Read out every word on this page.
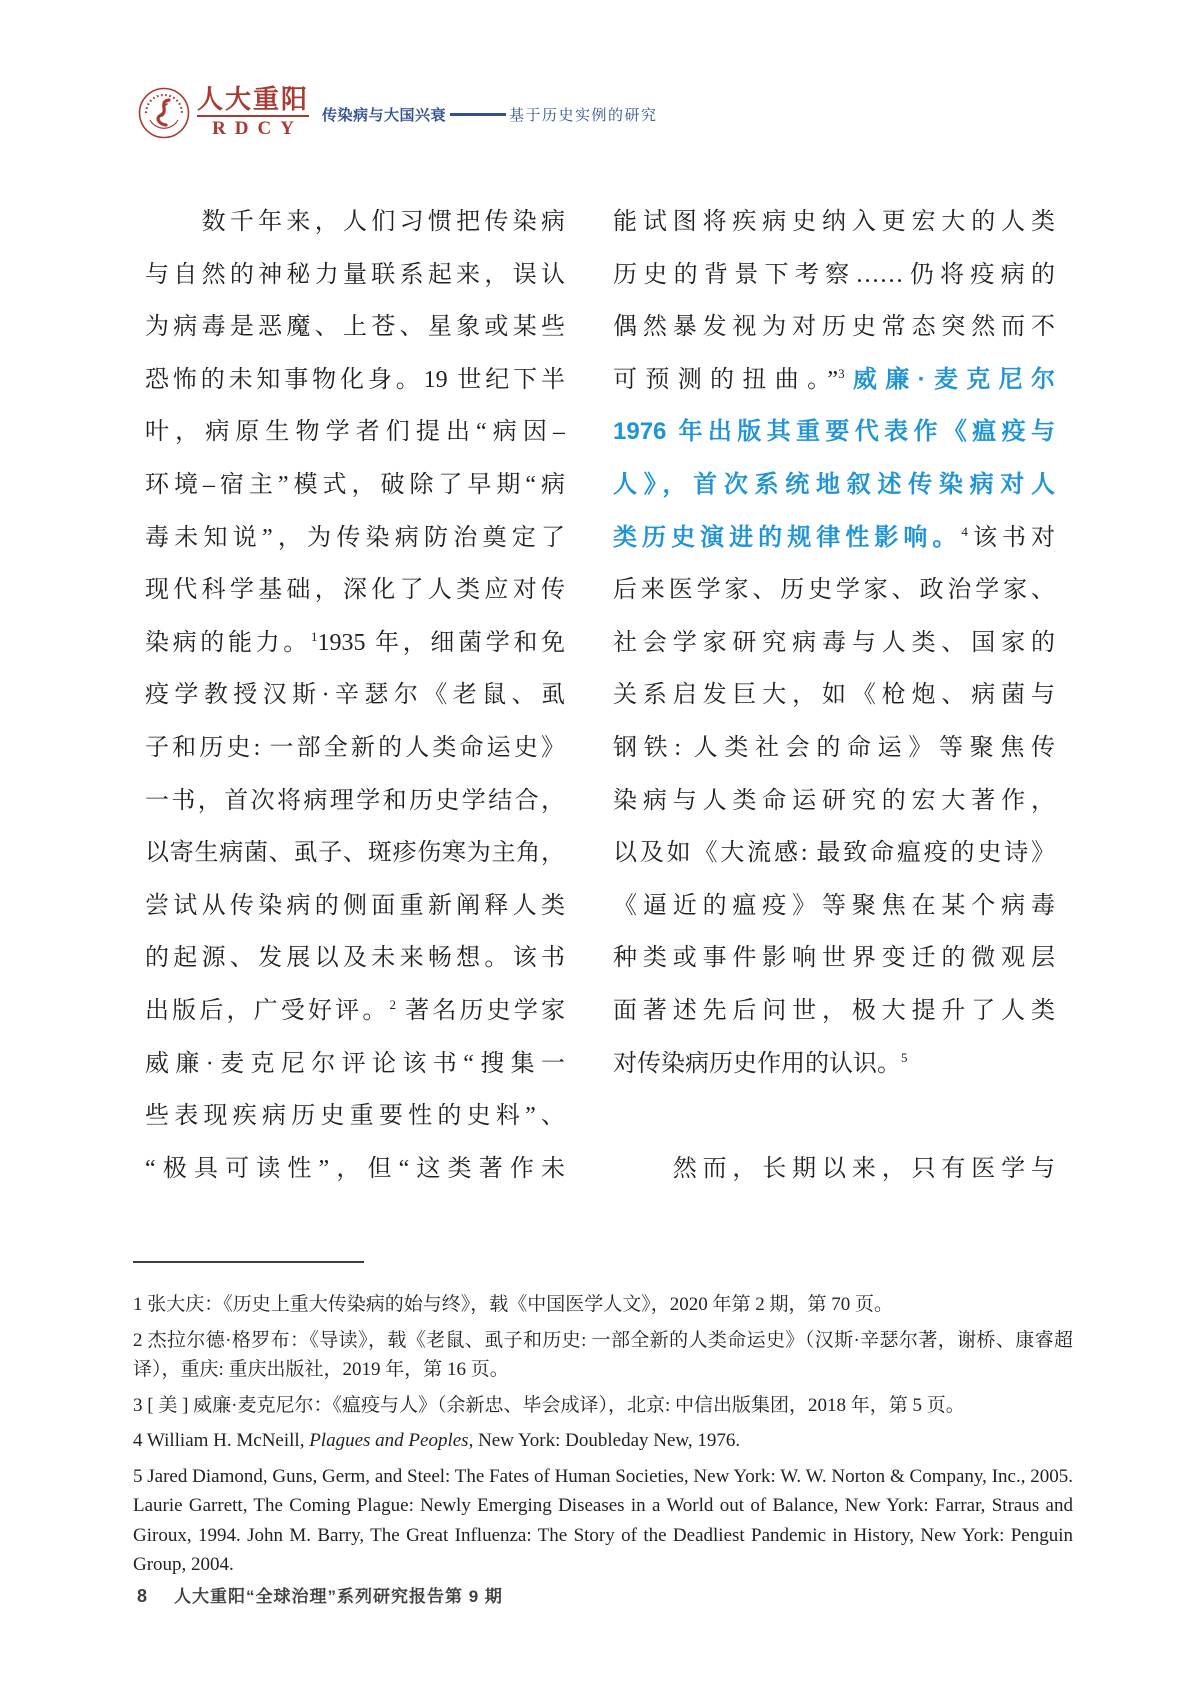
人大重阳
RDCY
传染病与大国兴衰	基于历史实例的研究
　　数千年来，人们习惯把传染病
与自然的神秘力量联系起来，误认
为病毒是恶魔、上苍、星象或某些
恐怖的未知事物化身。19 世纪下半
叶，病原生物学者们提出“病因–
环境–宿主”模式，破除了早期“病
毒未知说”，为传染病防治奠定了
现代科学基础，深化了人类应对传
染病的能力。$^1$1935 年，细菌学和免
疫学教授汉斯·辛瑟尔《老鼠、虱
子和历史: 一部全新的人类命运史》
一书，首次将病理学和历史学结合，
以寄生病菌、虱子、斑疹伤寒为主角，
尝试从传染病的侧面重新阐释人类
的起源、发展以及未来畅想。该书
出版后，广受好评。$^2$ 著名历史学家
威廉·麦克尼尔评论该书“搜集一
些表现疾病历史重要性的史料”、
“极具可读性”，但“这类著作未
能试图将疾病史纳入更宏大的人类
历史的背景下考察……仍将疫病的
偶然暴发视为对历史常态突然而不
可预测的扭曲。”$^3$威廉·麦克尼尔
1976 年出版其重要代表作《瘟疫与
人》，首次系统地叙述传染病对人
类历史演进的规律性影响。$^4$该书对
后来医学家、历史学家、政治学家、
社会学家研究病毒与人类、国家的
关系启发巨大，如《枪炮、病菌与
钢铁: 人类社会的命运》等聚焦传
染病与人类命运研究的宏大著作，
以及如《大流感: 最致命瘟疫的史诗》
《逼近的瘟疫》等聚焦在某个病毒
种类或事件影响世界变迁的微观层
面著述先后问世，极大提升了人类
对传染病历史作用的认识。$^5$
　　然而，长期以来，只有医学与
1 张大庆：《历史上重大传染病的始与终》，载《中国医学人文》，2020 年第 2 期，第 70 页。
2 杰拉尔德·格罗布：《导读》，载《老鼠、虱子和历史: 一部全新的人类命运史》（汉斯·辛瑟尔著，谢桥、康睿超译），重庆: 重庆出版社，2019 年，第 16 页。
3 [ 美 ] 威廉·麦克尼尔：《瘟疫与人》（余新忠、毕会成译），北京: 中信出版集团，2018 年，第 5 页。
4 William H. McNeill, Plagues and Peoples, New York: Doubleday New, 1976.
5 Jared Diamond, Guns, Germ, and Steel: The Fates of Human Societies, New York: W. W. Norton & Company, Inc., 2005. Laurie Garrett, The Coming Plague: Newly Emerging Diseases in a World out of Balance, New York: Farrar, Straus and Giroux, 1994. John M. Barry, The Great Influenza: The Story of the Deadliest Pandemic in History, New York: Penguin Group, 2004.
8 人大重阳“全球治理”系列研究报告第 9 期
